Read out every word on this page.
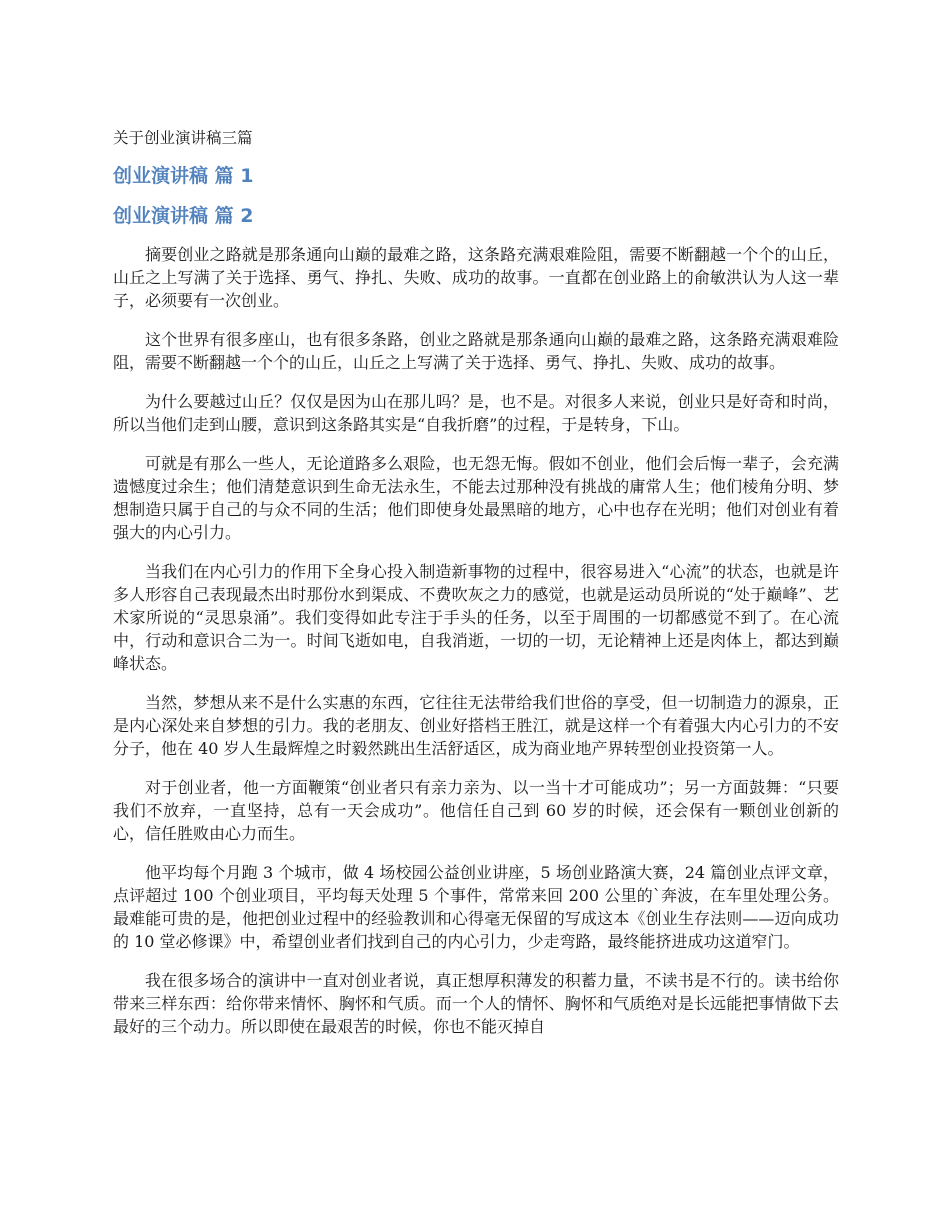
关于创业演讲稿三篇
创业演讲稿 篇 1
创业演讲稿 篇 2

摘要创业之路就是那条通向山巅的最难之路，这条路充满艰难险阻，需要不断翻越一个个的山丘，山丘之上写满了关于选择、勇气、挣扎、失败、成功的故事。一直都在创业路上的俞敏洪认为人这一辈子，必须要有一次创业。

这个世界有很多座山，也有很多条路，创业之路就是那条通向山巅的最难之路，这条路充满艰难险阻，需要不断翻越一个个的山丘，山丘之上写满了关于选择、勇气、挣扎、失败、成功的故事。

为什么要越过山丘？仅仅是因为山在那儿吗？是，也不是。对很多人来说，创业只是好奇和时尚，所以当他们走到山腰，意识到这条路其实是“自我折磨”的过程，于是转身，下山。

可就是有那么一些人，无论道路多么艰险，也无怨无悔。假如不创业，他们会后悔一辈子，会充满遗憾度过余生；他们清楚意识到生命无法永生，不能去过那种没有挑战的庸常人生；他们棱角分明、梦想制造只属于自己的与众不同的生活；他们即使身处最黑暗的地方，心中也存在光明；他们对创业有着强大的内心引力。

当我们在内心引力的作用下全身心投入制造新事物的过程中，很容易进入“心流”的状态，也就是许多人形容自己表现最杰出时那份水到渠成、不费吹灰之力的感觉，也就是运动员所说的“处于巅峰”、艺术家所说的“灵思泉涌”。我们变得如此专注于手头的任务，以至于周围的一切都感觉不到了。在心流中，行动和意识合二为一。时间飞逝如电，自我消逝，一切的一切，无论精神上还是肉体上，都达到巅峰状态。

当然，梦想从来不是什么实惠的东西，它往往无法带给我们世俗的享受，但一切制造力的源泉，正是内心深处来自梦想的引力。我的老朋友、创业好搭档王胜江，就是这样一个有着强大内心引力的不安分子，他在 40 岁人生最辉煌之时毅然跳出生活舒适区，成为商业地产界转型创业投资第一人。

对于创业者，他一方面鞭策“创业者只有亲力亲为、以一当十才可能成功”；另一方面鼓舞：“只要我们不放弃，一直坚持，总有一天会成功”。他信任自己到 60 岁的时候，还会保有一颗创业创新的心，信任胜败由心力而生。

他平均每个月跑 3 个城市，做 4 场校园公益创业讲座，5 场创业路演大赛，24 篇创业点评文章，点评超过 100 个创业项目，平均每天处理 5 个事件，常常来回 200 公里的`奔波，在车里处理公务。最难能可贵的是，他把创业过程中的经验教训和心得毫无保留的写成这本《创业生存法则——迈向成功的 10 堂必修课》中，希望创业者们找到自己的内心引力，少走弯路，最终能挤进成功这道窄门。

我在很多场合的演讲中一直对创业者说，真正想厚积薄发的积蓄力量，不读书是不行的。读书给你带来三样东西：给你带来情怀、胸怀和气质。而一个人的情怀、胸怀和气质绝对是长远能把事情做下去最好的三个动力。所以即使在最艰苦的时候，你也不能灭掉自
